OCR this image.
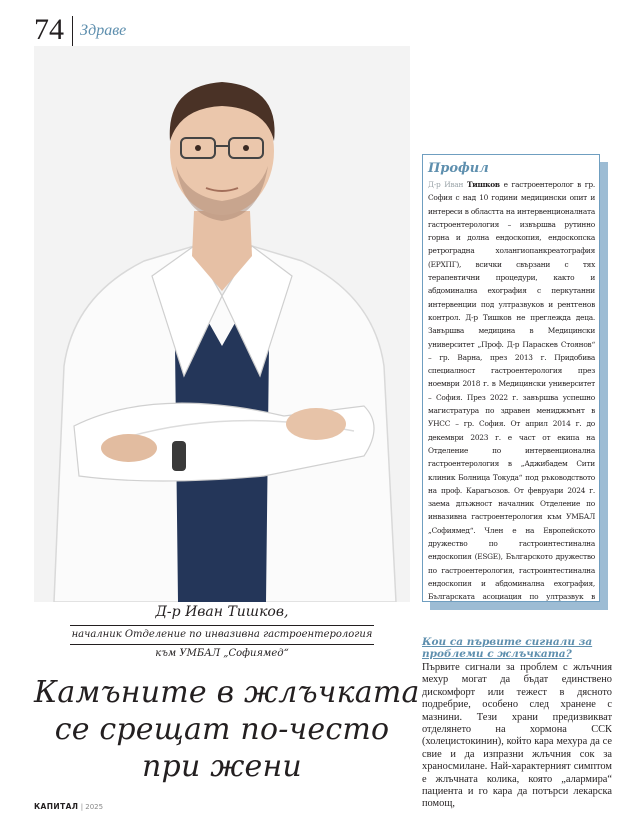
74 Здраве
Профил
Д-р Иван Тишков е гастроентеролог в гр. София с над 10 години медицински опит и интереси в областта на интервенционалната гастроентерология – извършва рутинно горна и долна ендоскопия, ендоскопска ретроградна холангиопанкреатография (ЕРХПГ), всички свързани с тях терапевтични процедури, както и абдоминална ехография с перкутанни интервенции под ултразвуков и рентгенов контрол. Д-р Тишков не преглежда деца. Завършва медицина в Медицински университет „Проф. Д-р Параскев Стоянов“ – гр. Варна, през 2013 г. Придобива специалност гастроентерология през ноември 2018 г. в Медицински университет – София. През 2022 г. завършва успешно магистратура по здравен мениджмънт в УНСС – гр. София. От април 2014 г. до декември 2023 г. е част от екипа на Отделение по интервенционална гастроентерология в „Аджибадем Сити клиник Болница Токуда“ под ръководството на проф. Карагьозов. От февруари 2024 г. заема длъжност началник Отделение по инвазивна гастроентерология към УМБАЛ „Софиямед“. Член е на Европейското дружество по гастроинтестинална ендоскопия (ESGE), Българското дружество по гастроентерология, гастроинтестинална ендоскопия и абдоминална ехография, Българската асоциация по ултразвук в
Д-р Иван Тишков,
началник Отделение по инвазивна гастроентерология
към УМБАЛ „Софиямед“
Камъните в жлъчката
се срещат по-често
при жени
Кои са първите сигнали за проблеми с жлъчката?
Първите сигнали за проблем с жлъчния мехур могат да бъдат единствено дискомфорт или тежест в дясното подребрие, особено след хранене с мазнини. Тези храни предизвикват отделянето на хормона ССК (холецистокинин), който кара мехура да се свие и да изпразни жлъчния сок за храносмилане. Най-характерният симптом е жлъчната колика, която „алармира“ пациента и го кара да потърси лекарска помощ,
КАПИТАЛ | 2025
